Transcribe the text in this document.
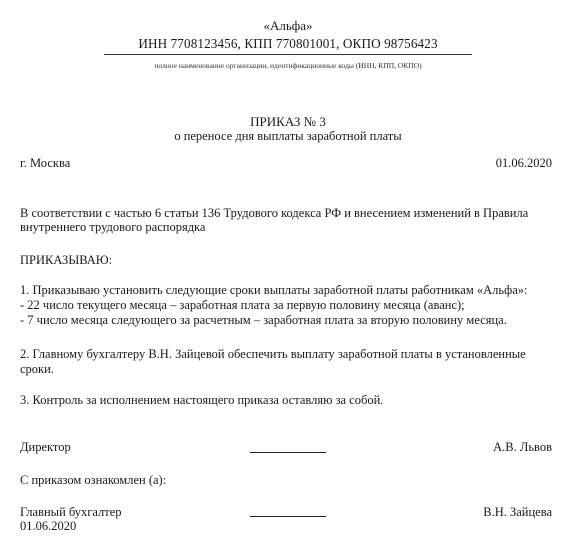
«Альфа»
ИНН 7708123456, КПП 770801001, ОКПО 98756423
полное наименование организации, идентификационные коды (ИНН, КПП, ОКПО)
ПРИКАЗ № 3
о переносе дня выплаты заработной платы
г. Москва	01.06.2020
В соответствии с частью 6 статьи 136 Трудового кодекса РФ и внесением изменений в Правила
внутреннего трудового распорядка
ПРИКАЗЫВАЮ:
1. Приказываю установить следующие сроки выплаты заработной платы работникам «Альфа»:
- 22 число текущего месяца – заработная плата за первую половину месяца (аванс);
- 7 число месяца следующего за расчетным – заработная плата за вторую половину месяца.
2. Главному бухгалтеру В.Н. Зайцевой обеспечить выплату заработной платы в установленные
сроки.
3. Контроль за исполнением настоящего приказа оставляю за собой.
Директор	А.В. Львов
С приказом ознакомлен (а):
Главный бухгалтер	В.Н. Зайцева
01.06.2020
